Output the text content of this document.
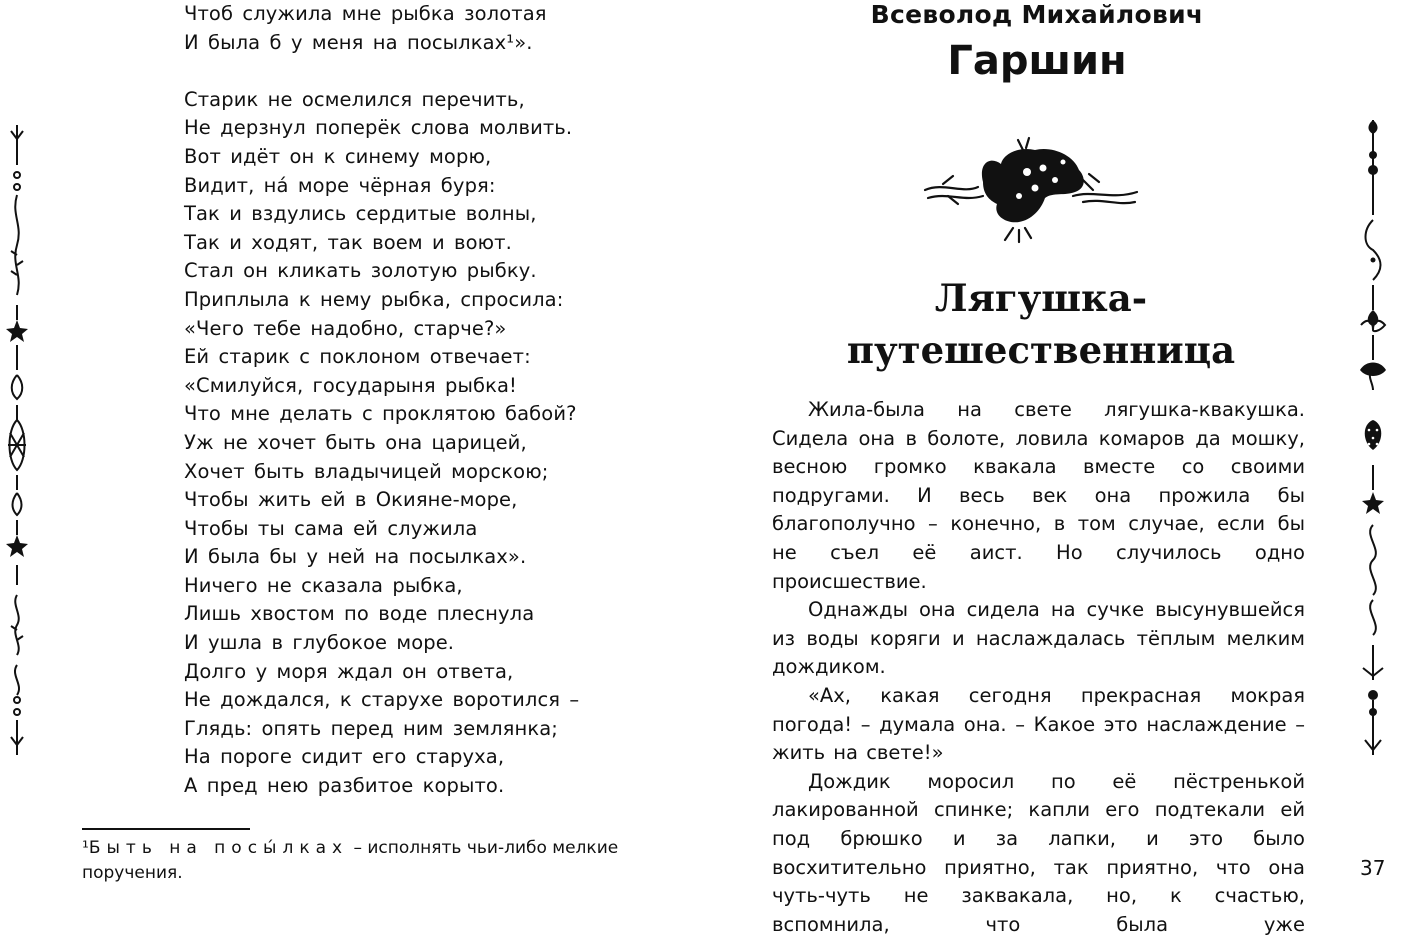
Чтоб служила мне рыбка золотая
И была б у меня на посылках¹».
Старик не осмелился перечить,
Не дерзнул поперёк слова молвить.
Вот идёт он к синему морю,
Видит, на́ море чёрная буря:
Так и вздулись сердитые волны,
Так и ходят, так воем и воют.
Стал он кликать золотую рыбку.
Приплыла к нему рыбка, спросила:
«Чего тебе надобно, старче?»
Ей старик с поклоном отвечает:
«Смилуйся, государыня рыбка!
Что мне делать с проклятою бабой?
Уж не хочет быть она царицей,
Хочет быть владычицей морскою;
Чтобы жить ей в Окияне-море,
Чтобы ты сама ей служила
И была бы у ней на посылках».
Ничего не сказала рыбка,
Лишь хвостом по воде плеснула
И ушла в глубокое море.
Долго у моря ждал он ответа,
Не дождался, к старухе воротился –
Глядь: опять перед ним землянка;
На пороге сидит его старуха,
А пред нею разбитое корыто.

¹Быть на посы́лках – исполнять чьи-либо мелкие поручения.

Всеволод Михайлович
Гаршин
Лягушка-
путешественница

Жила-была на свете лягушка-квакушка. Сидела она в болоте, ловила комаров да мошку, весною громко квакала вместе со своими подругами. И весь век она прожила бы благополучно – конечно, в том случае, если бы не съел её аист. Но случилось одно происшествие.

Однажды она сидела на сучке высунувшейся из воды коряги и наслаждалась тёплым мелким дождиком.

«Ах, какая сегодня прекрасная мокрая погода! – думала она. – Какое это наслаждение – жить на свете!»

Дождик моросил по её пёстренькой лакированной спинке; капли его подтекали ей под брюшко и за лапки, и это было восхитительно приятно, так приятно, что она чуть-чуть не заквакала, но, к счастью, вспомнила, что была уже

37
